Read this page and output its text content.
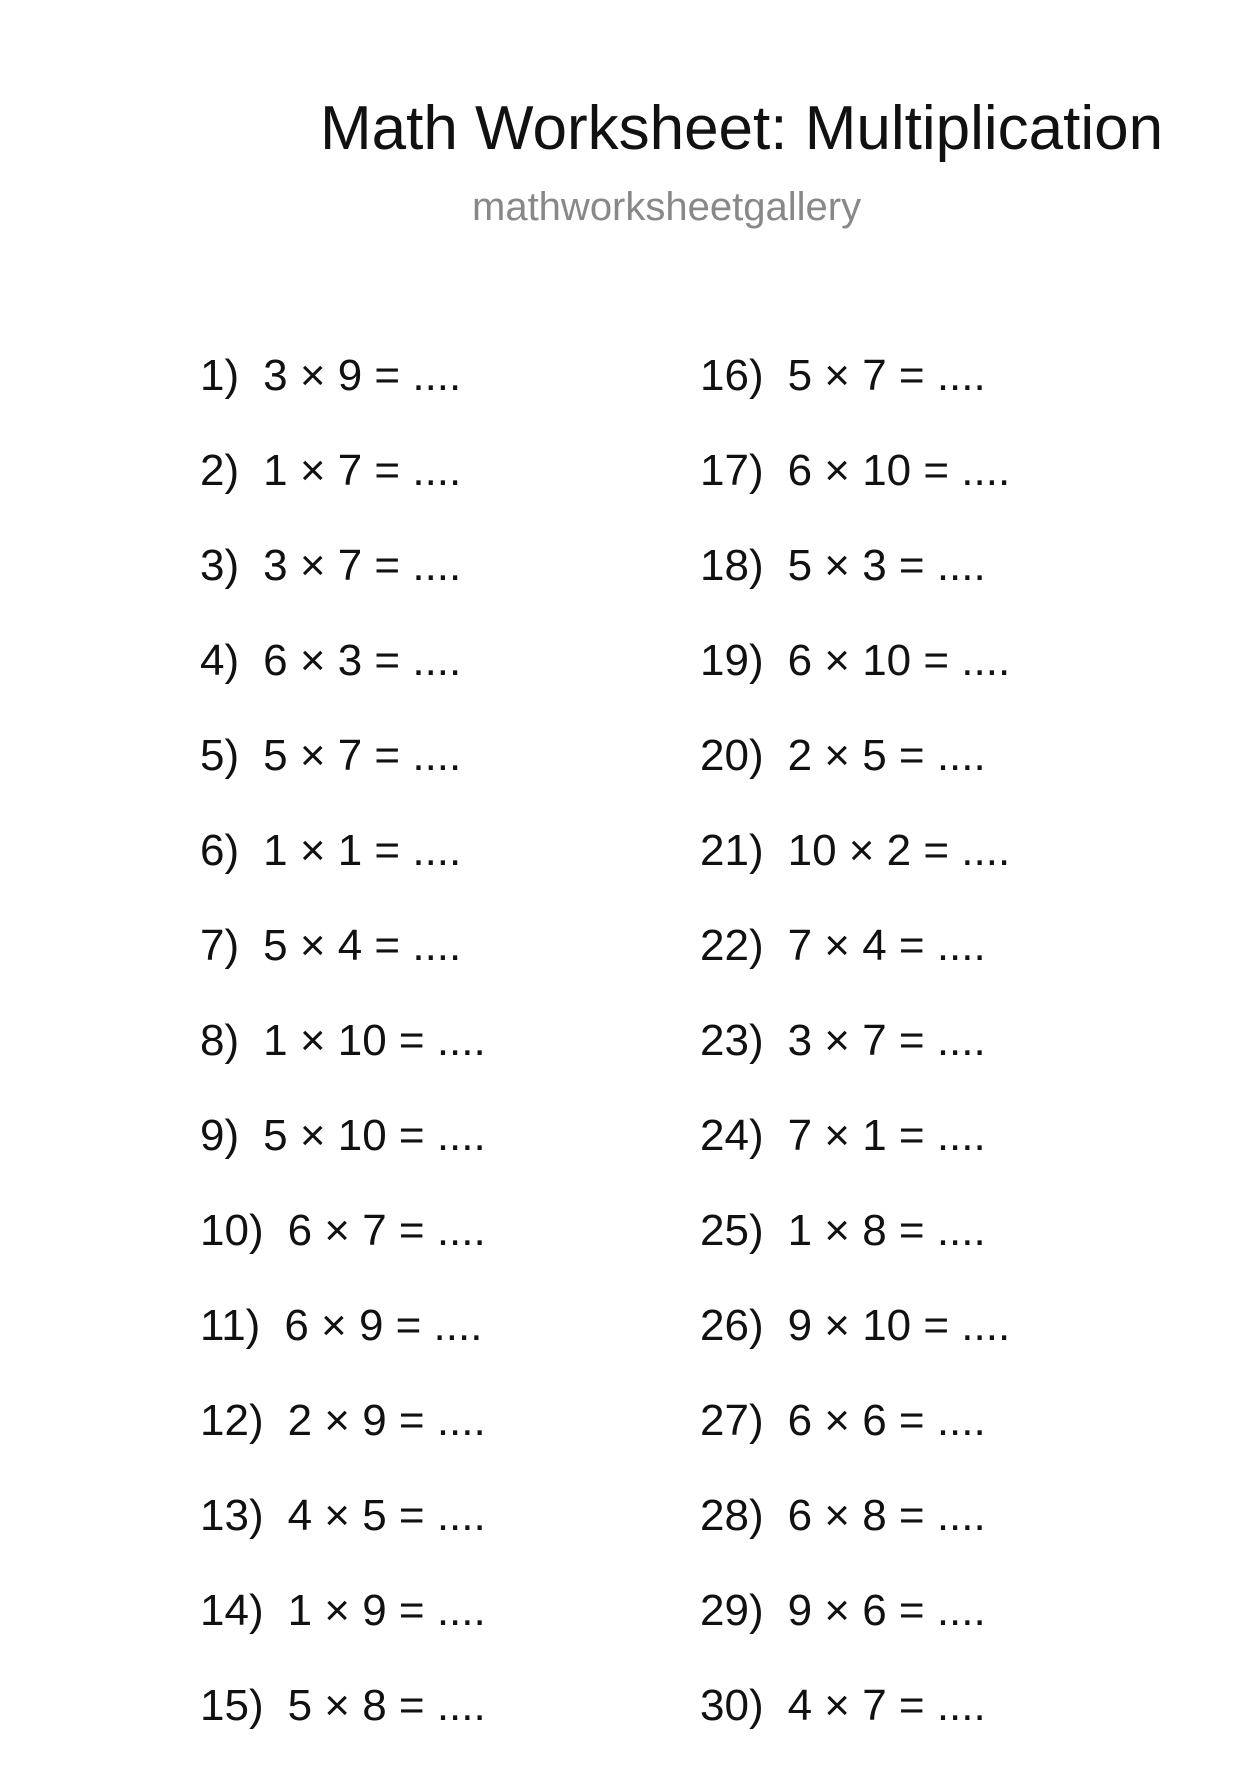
Math Worksheet: Multiplication
mathworksheetgallery
1) 3 × 9 = ....
2) 1 × 7 = ....
3) 3 × 7 = ....
4) 6 × 3 = ....
5) 5 × 7 = ....
6) 1 × 1 = ....
7) 5 × 4 = ....
8) 1 × 10 = ....
9) 5 × 10 = ....
10) 6 × 7 = ....
11) 6 × 9 = ....
12) 2 × 9 = ....
13) 4 × 5 = ....
14) 1 × 9 = ....
15) 5 × 8 = ....
16) 5 × 7 = ....
17) 6 × 10 = ....
18) 5 × 3 = ....
19) 6 × 10 = ....
20) 2 × 5 = ....
21) 10 × 2 = ....
22) 7 × 4 = ....
23) 3 × 7 = ....
24) 7 × 1 = ....
25) 1 × 8 = ....
26) 9 × 10 = ....
27) 6 × 6 = ....
28) 6 × 8 = ....
29) 9 × 6 = ....
30) 4 × 7 = ....
